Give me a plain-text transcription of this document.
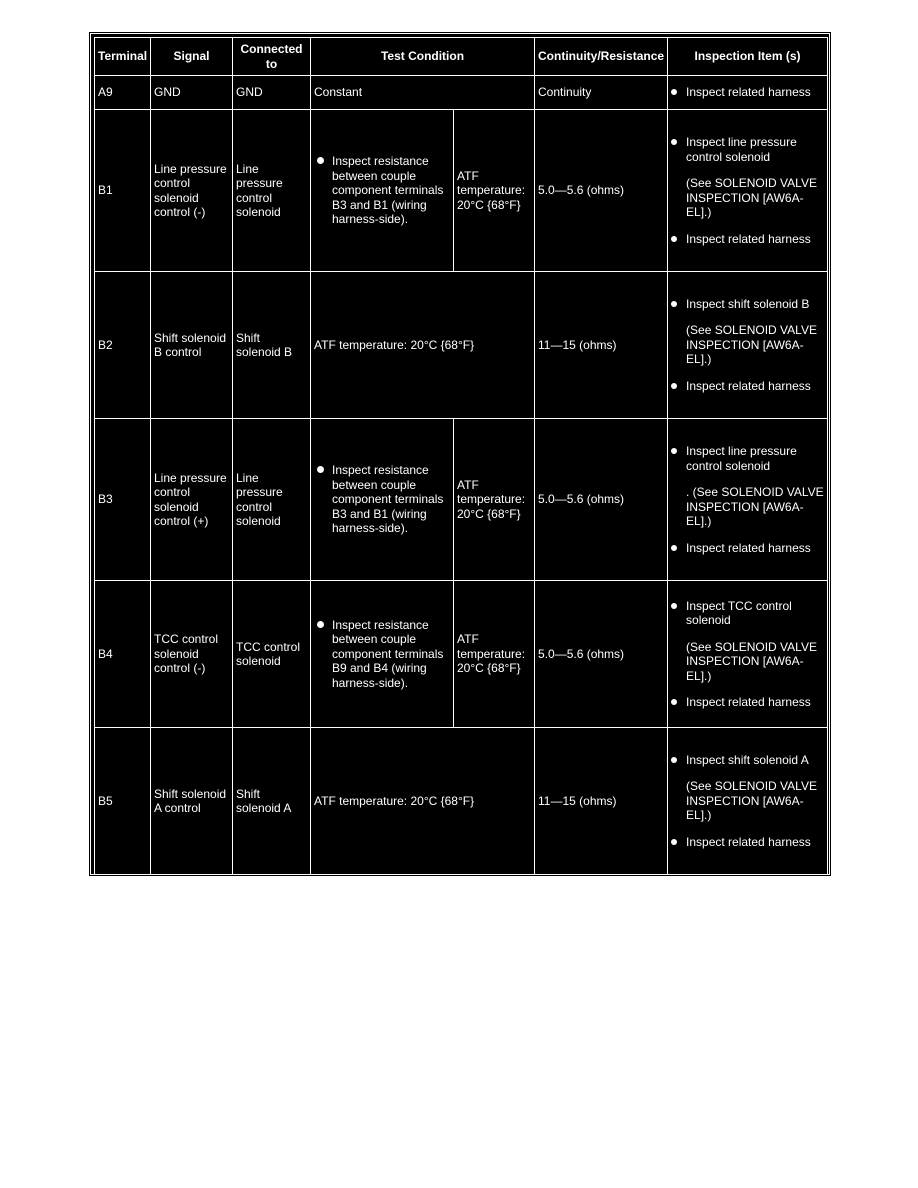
Terminal	Signal	Connected to	Test Condition		Continuity/Resistance	Inspection Item (s)
A9	GND	GND	Constant		Continuity	Inspect related harness

B1	Line pressure control solenoid control (-)	Line pressure control solenoid	Inspect resistance between couple component terminals B3 and B1 (wiring harness-side).	ATF temperature: 20°C {68°F}	5.0—5.6 (ohms)	Inspect line pressure control solenoid
(See SOLENOID VALVE INSPECTION [AW6A-EL].)
Inspect related harness

B2	Shift solenoid B control	Shift solenoid B	ATF temperature: 20°C {68°F}		11—15 (ohms)	Inspect shift solenoid B
(See SOLENOID VALVE INSPECTION [AW6A-EL].)
Inspect related harness

B3	Line pressure control solenoid control (+)	Line pressure control solenoid	Inspect resistance between couple component terminals B3 and B1 (wiring harness-side).	ATF temperature: 20°C {68°F}	5.0—5.6 (ohms)	Inspect line pressure control solenoid
. (See SOLENOID VALVE INSPECTION [AW6A-EL].)
Inspect related harness

B4	TCC control solenoid control (-)	TCC control solenoid	Inspect resistance between couple component terminals B9 and B4 (wiring harness-side).	ATF temperature: 20°C {68°F}	5.0—5.6 (ohms)	Inspect TCC control solenoid
(See SOLENOID VALVE INSPECTION [AW6A-EL].)
Inspect related harness

B5	Shift solenoid A control	Shift solenoid A	ATF temperature: 20°C {68°F}		11—15 (ohms)	Inspect shift solenoid A
(See SOLENOID VALVE INSPECTION [AW6A-EL].)
Inspect related harness
